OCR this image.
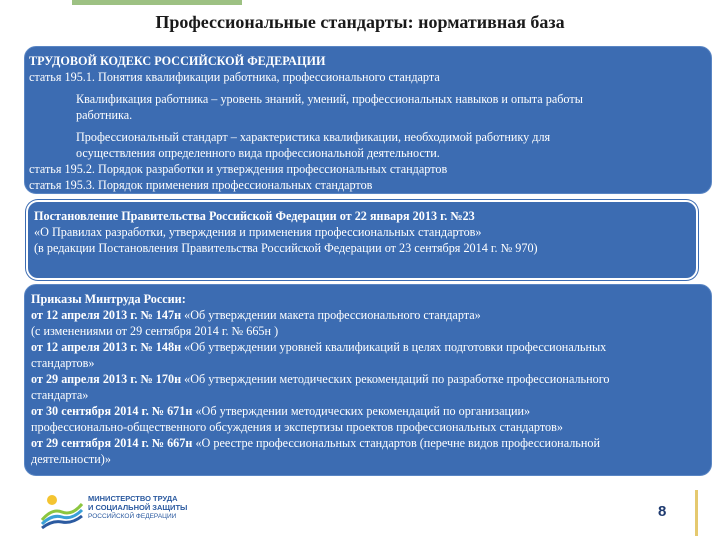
Профессиональные стандарты: нормативная база
ТРУДОВОЙ КОДЕКС РОССИЙСКОЙ ФЕДЕРАЦИИ
статья 195.1. Понятия квалификации работника, профессионального стандарта
Квалификация работника – уровень знаний, умений, профессиональных навыков и опыта работы
работника.
Профессиональный стандарт – характеристика квалификации, необходимой работнику для
осуществления определенного вида профессиональной деятельности.
статья 195.2. Порядок разработки и утверждения профессиональных стандартов
статья 195.3. Порядок применения профессиональных стандартов
Постановление Правительства Российской Федерации от 22 января 2013 г. №23
«О Правилах разработки, утверждения и применения профессиональных стандартов»
(в редакции Постановления Правительства Российской Федерации от 23 сентября 2014 г. № 970)
Приказы Минтруда России:
от 12 апреля 2013 г. № 147н «Об утверждении макета профессионального стандарта»
(с изменениями от 29 сентября 2014 г. № 665н )
от 12 апреля 2013 г. № 148н «Об утверждении уровней квалификаций в целях подготовки профессиональных
стандартов»
от 29 апреля 2013 г. № 170н «Об утверждении методических рекомендаций по разработке профессионального
стандарта»
от 30 сентября 2014 г. № 671н «Об утверждении методических рекомендаций по организации»
профессионально-общественного обсуждения и экспертизы проектов профессиональных стандартов»
от 29 сентября 2014 г. № 667н «О реестре профессиональных стандартов (перечне видов профессиональной
деятельности)»
МИНИСТЕРСТВО ТРУДА
И СОЦИАЛЬНОЙ ЗАЩИТЫ
РОССИЙСКОЙ ФЕДЕРАЦИИ	8
